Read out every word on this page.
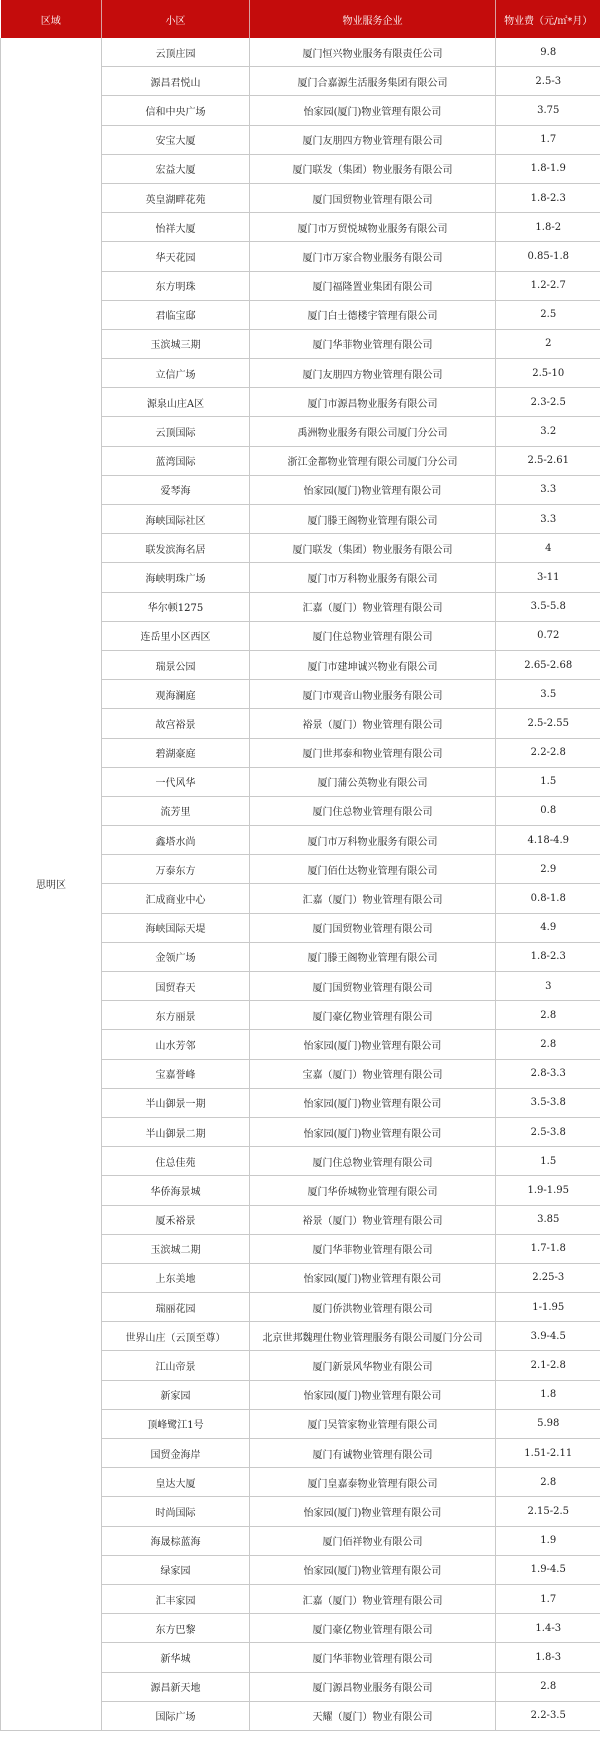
区域	小区	物业服务企业	物业费（元/㎡*月）
思明区	云顶庄园	厦门恒兴物业服务有限责任公司	9.8
	源昌君悦山	厦门合嘉源生活服务集团有限公司	2.5-3
	信和中央广场	怡家园(厦门)物业管理有限公司	3.75
	安宝大厦	厦门友朋四方物业管理有限公司	1.7
	宏益大厦	厦门联发（集团）物业服务有限公司	1.8-1.9
	英皇湖畔花苑	厦门国贸物业管理有限公司	1.8-2.3
	怡祥大厦	厦门市万贸悦城物业服务有限公司	1.8-2
	华天花园	厦门市万家合物业服务有限公司	0.85-1.8
	东方明珠	厦门福隆置业集团有限公司	1.2-2.7
	君临宝邸	厦门白士德楼宇管理有限公司	2.5
	玉滨城三期	厦门华菲物业管理有限公司	2
	立信广场	厦门友朋四方物业管理有限公司	2.5-10
	源泉山庄A区	厦门市源昌物业服务有限公司	2.3-2.5
	云顶国际	禹洲物业服务有限公司厦门分公司	3.2
	蓝湾国际	浙江金都物业管理有限公司厦门分公司	2.5-2.61
	爱琴海	怡家园(厦门)物业管理有限公司	3.3
	海峡国际社区	厦门滕王阁物业管理有限公司	3.3
	联发滨海名居	厦门联发（集团）物业服务有限公司	4
	海峡明珠广场	厦门市万科物业服务有限公司	3-11
	华尔顿1275	汇嘉（厦门）物业管理有限公司	3.5-5.8
	连岳里小区西区	厦门住总物业管理有限公司	0.72
	瑞景公园	厦门市建坤诚兴物业有限公司	2.65-2.68
	观海澜庭	厦门市观音山物业服务有限公司	3.5
	故宫裕景	裕景（厦门）物业管理有限公司	2.5-2.55
	碧湖豪庭	厦门世邦泰和物业管理有限公司	2.2-2.8
	一代风华	厦门蒲公英物业有限公司	1.5
	流芳里	厦门住总物业管理有限公司	0.8
	鑫塔水尚	厦门市万科物业服务有限公司	4.18-4.9
	万泰东方	厦门佰仕达物业管理有限公司	2.9
	汇成商业中心	汇嘉（厦门）物业管理有限公司	0.8-1.8
	海峡国际天堤	厦门国贸物业管理有限公司	4.9
	金领广场	厦门滕王阁物业管理有限公司	1.8-2.3
	国贸春天	厦门国贸物业管理有限公司	3
	东方丽景	厦门豪亿物业管理有限公司	2.8
	山水芳邻	怡家园(厦门)物业管理有限公司	2.8
	宝嘉誉峰	宝嘉（厦门）物业管理有限公司	2.8-3.3
	半山御景一期	怡家园(厦门)物业管理有限公司	3.5-3.8
	半山御景二期	怡家园(厦门)物业管理有限公司	2.5-3.8
	住总佳苑	厦门住总物业管理有限公司	1.5
	华侨海景城	厦门华侨城物业管理有限公司	1.9-1.95
	厦禾裕景	裕景（厦门）物业管理有限公司	3.85
	玉滨城二期	厦门华菲物业管理有限公司	1.7-1.8
	上东美地	怡家园(厦门)物业管理有限公司	2.25-3
	瑞丽花园	厦门侨洪物业管理有限公司	1-1.95
	世界山庄（云顶至尊）	北京世邦魏理仕物业管理服务有限公司厦门分公司	3.9-4.5
	江山帝景	厦门新景风华物业有限公司	2.1-2.8
	新家园	怡家园(厦门)物业管理有限公司	1.8
	顶峰鹭江1号	厦门吴管家物业管理有限公司	5.98
	国贸金海岸	厦门有诚物业管理有限公司	1.51-2.11
	皇达大厦	厦门皇嘉泰物业管理有限公司	2.8
	时尚国际	怡家园(厦门)物业管理有限公司	2.15-2.5
	海晟棕蓝海	厦门佰祥物业有限公司	1.9
	绿家园	怡家园(厦门)物业管理有限公司	1.9-4.5
	汇丰家园	汇嘉（厦门）物业管理有限公司	1.7
	东方巴黎	厦门豪亿物业管理有限公司	1.4-3
	新华城	厦门华菲物业管理有限公司	1.8-3
	源昌新天地	厦门源昌物业服务有限公司	2.8
	国际广场	天耀（厦门）物业有限公司	2.2-3.5
